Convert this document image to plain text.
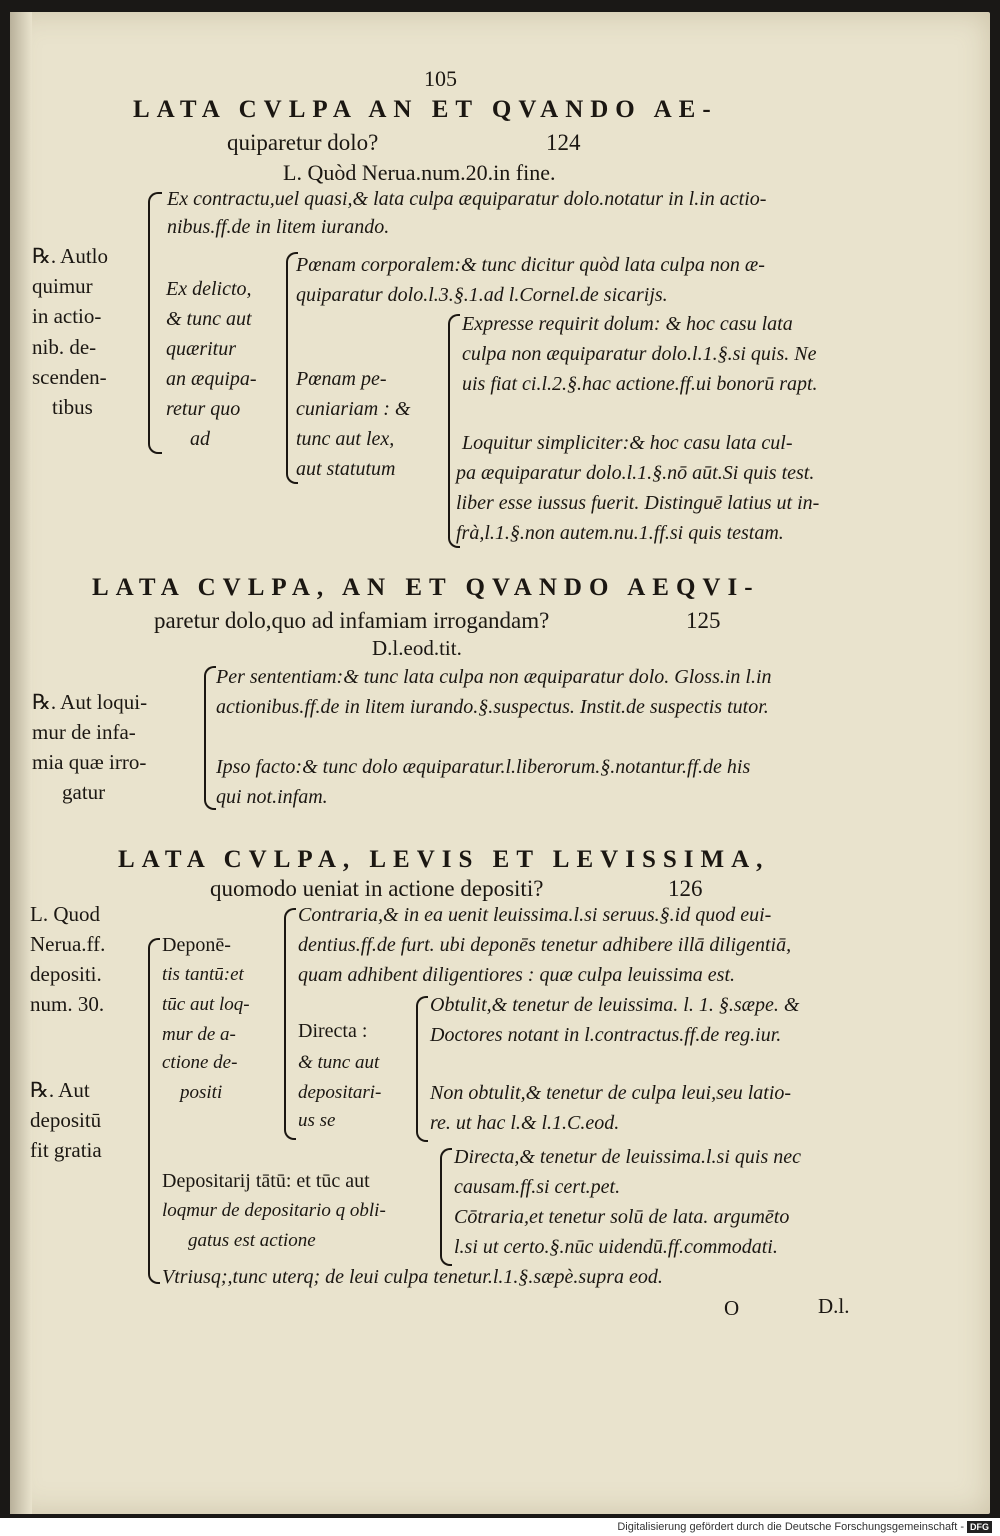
105
LATA CVLPA AN ET QVANDO AE-
quiparetur dolo?	124
L. Quòd Nerua.num.20.in fine.
Ex contractu,uel quasi,& lata culpa æquiparatur dolo.notatur in l.in actio-
nibus.ff.de in litem iurando.
℞. Autlo
quimur
in actio-
nib. de-
scenden-
tibus
Ex delicto,
& tunc aut
quæritur
an æquipa-
retur quo
ad
Pœnam corporalem:& tunc dicitur quòd lata culpa non æ-
quiparatur dolo.l.3.§.1.ad l.Cornel.de sicarijs.
Pœnam pe-
cuniariam : &
tunc aut lex,
aut statutum
Expresse requirit dolum: & hoc casu lata
culpa non æquiparatur dolo.l.1.§.si quis. Ne
uis fiat ci.l.2.§.hac actione.ff.ui bonorū rapt.
Loquitur simpliciter:& hoc casu lata cul-
pa æquiparatur dolo.l.1.§.nō aūt.Si quis test.
liber esse iussus fuerit. Distinguē latius ut in-
frà,l.1.§.non autem.nu.1.ff.si quis testam.
LATA CVLPA, AN ET QVANDO AEQVI-
paretur dolo,quo ad infamiam irrogandam?	125
D.l.eod.tit.
℞. Aut loqui-
mur de infa-
mia quæ irro-
gatur
Per sententiam:& tunc lata culpa non æquiparatur dolo. Gloss.in l.in
actionibus.ff.de in litem iurando.§.suspectus. Instit.de suspectis tutor.
Ipso facto:& tunc dolo æquiparatur.l.liberorum.§.notantur.ff.de his
qui not.infam.
LATA CVLPA, LEVIS ET LEVISSIMA,
quomodo ueniat in actione depositi?	126
L. Quod
Nerua.ff.
depositi.
num. 30.
℞. Aut
depositū
fit gratia
Deponē-
tis tantū:et
tūc aut loq-
mur de a-
ctione de-
positi
Contraria,& in ea uenit leuissima.l.si seruus.§.id quod eui-
dentius.ff.de furt. ubi deponēs tenetur adhibere illā diligentiā,
quam adhibent diligentiores : quæ culpa leuissima est.
Directa :
& tunc aut
depositari-
us se
Obtulit,& tenetur de leuissima. l. 1. §.sæpe. &
Doctores notant in l.contractus.ff.de reg.iur.
Non obtulit,& tenetur de culpa leui,seu latio-
re. ut hac l.& l.1.C.eod.
Depositarij tātū: et tūc aut
loqmur de depositario q obli-
gatus est actione
Directa,& tenetur de leuissima.l.si quis nec
causam.ff.si cert.pet.
Cōtraria,et tenetur solū de lata. argumēto
l.si ut certo.§.nūc uidendū.ff.commodati.
Vtriusq;,tunc uterq; de leui culpa tenetur.l.1.§.sæpè.supra eod.
O	D.l.
Digitalisierung gefördert durch die Deutsche Forschungsgemeinschaft - DFG
